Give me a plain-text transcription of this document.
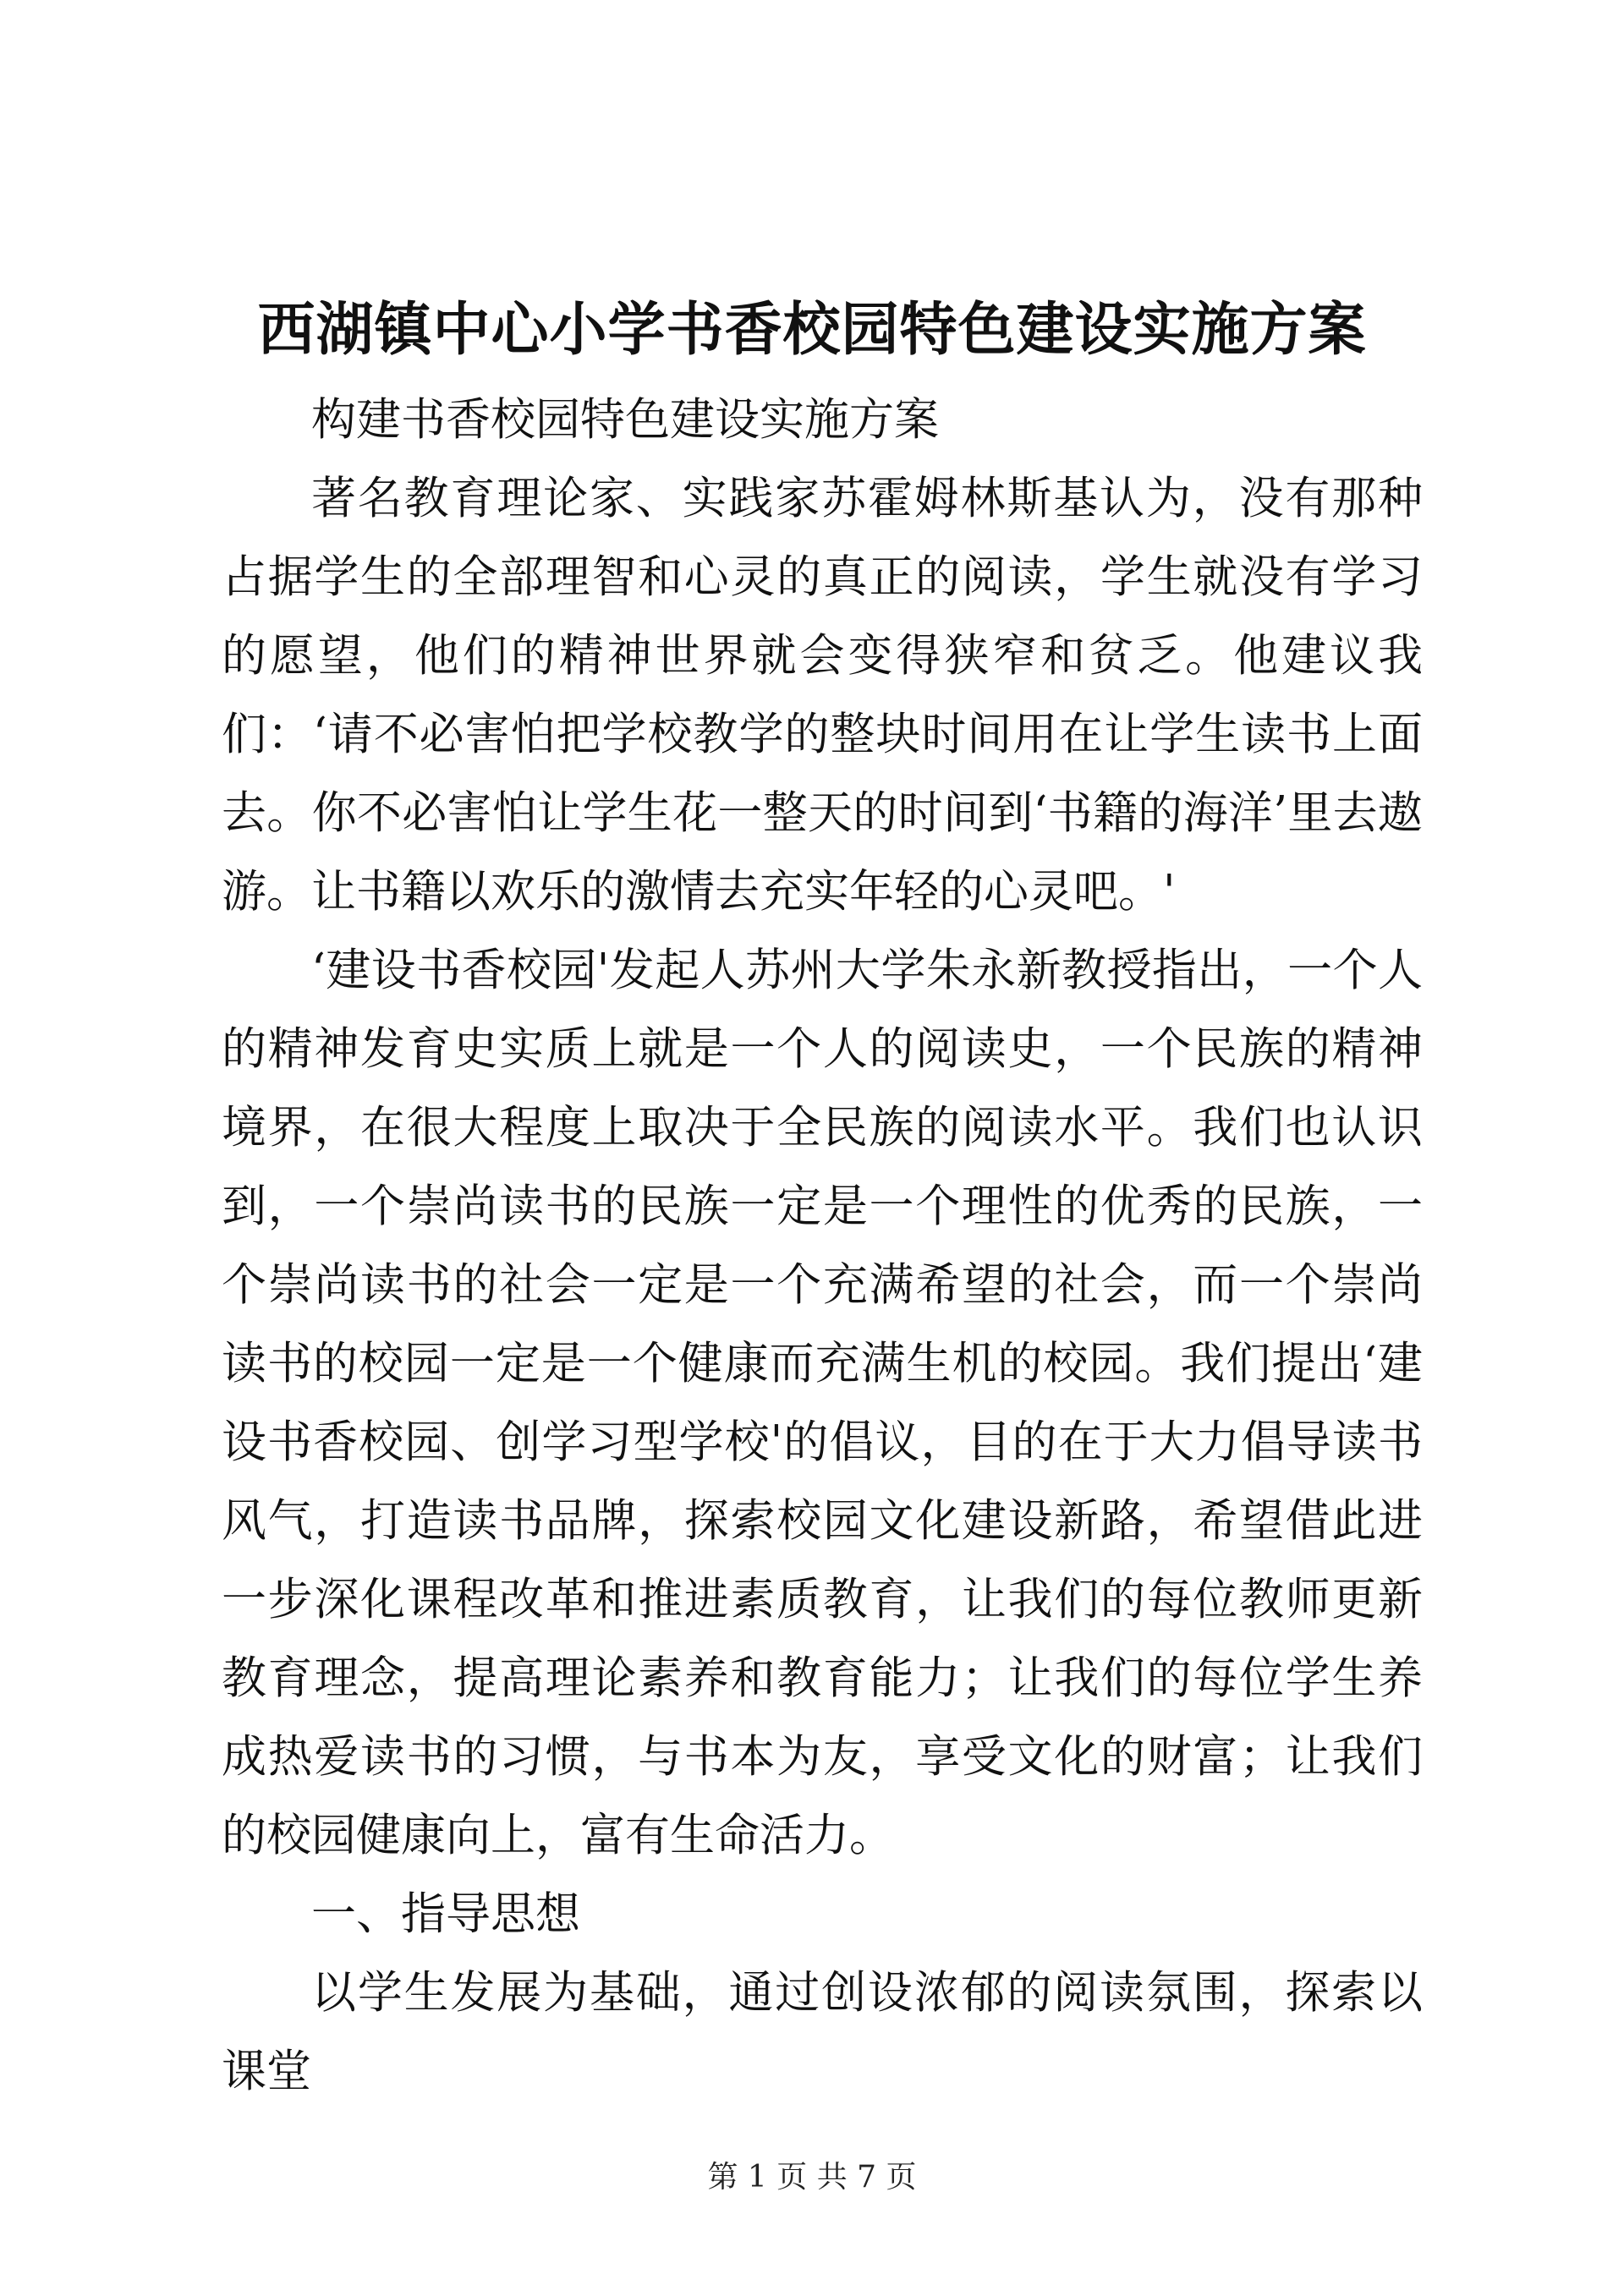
西湖镇中心小学书香校园特色建设实施方案

构建书香校园特色建设实施方案

著名教育理论家、实践家苏霍姆林斯基认为，没有那种占据学生的全部理智和心灵的真正的阅读，学生就没有学习的愿望，他们的精神世界就会变得狭窄和贫乏。他建议我们：‘请不必害怕把学校教学的整块时间用在让学生读书上面去。你不必害怕让学生花一整天的时间到‘书籍的海洋’里去遨游。让书籍以欢乐的激情去充实年轻的心灵吧。'

‘建设书香校园'发起人苏州大学朱永新教授指出，一个人的精神发育史实质上就是一个人的阅读史，一个民族的精神境界，在很大程度上取决于全民族的阅读水平。我们也认识到，一个崇尚读书的民族一定是一个理性的优秀的民族，一个崇尚读书的社会一定是一个充满希望的社会，而一个崇尚读书的校园一定是一个健康而充满生机的校园。我们提出‘建设书香校园、创学习型学校'的倡议，目的在于大力倡导读书风气，打造读书品牌，探索校园文化建设新路，希望借此进一步深化课程改革和推进素质教育，让我们的每位教师更新教育理念，提高理论素养和教育能力；让我们的每位学生养成热爱读书的习惯，与书本为友，享受文化的财富；让我们的校园健康向上，富有生命活力。

一、指导思想

以学生发展为基础，通过创设浓郁的阅读氛围，探索以课堂

第 1 页 共 7 页
